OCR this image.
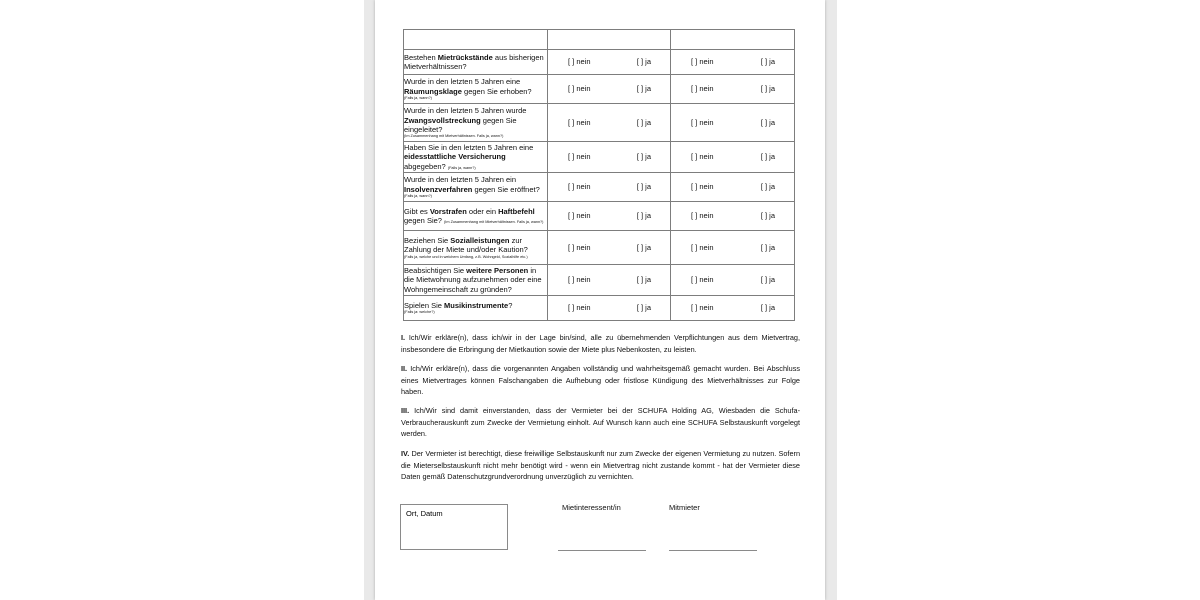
Bestehen Mietrückstände aus bisherigen Mietverhältnissen?	[ ] nein [ ] ja	[ ] nein [ ] ja

Wurde in den letzten 5 Jahren eine Räumungsklage gegen Sie erhoben?
(Falls ja, wann?)	[ ] nein [ ] ja	[ ] nein [ ] ja

Wurde in den letzten 5 Jahren wurde Zwangsvollstreckung gegen Sie eingeleitet?
(Im Zusammenhang mit Mietverhältnissen. Falls ja, wann?)	[ ] nein [ ] ja	[ ] nein [ ] ja

Haben Sie in den letzten 5 Jahren eine eidesstattliche Versicherung abgegeben? (Falls ja, wann?)	[ ] nein [ ] ja	[ ] nein [ ] ja

Wurde in den letzten 5 Jahren ein Insolvenzverfahren gegen Sie eröffnet?
(Falls ja, wann?)	[ ] nein [ ] ja	[ ] nein [ ] ja

Gibt es Vorstrafen oder ein Haftbefehl gegen Sie? (Im Zusammenhang mit Mietverhältnissen. Falls ja, wann?)	[ ] nein [ ] ja	[ ] nein [ ] ja

Beziehen Sie Sozialleistungen zur Zahlung der Miete und/oder Kaution?
(Falls ja, welche und in welchem Umfang, z.B. Wohngeld, Sozialhilfe etc.)	[ ] nein [ ] ja	[ ] nein [ ] ja

Beabsichtigen Sie weitere Personen in die Mietwohnung aufzunehmen oder eine Wohngemeinschaft zu gründen?	[ ] nein [ ] ja	[ ] nein [ ] ja

Spielen Sie Musikinstrumente?
(Falls ja: welche?)	[ ] nein [ ] ja	[ ] nein [ ] ja
I. Ich/Wir erkläre(n), dass ich/wir in der Lage bin/sind, alle zu übernehmenden Verpflichtungen aus dem Mietvertrag, insbesondere die Erbringung der Mietkaution sowie der Miete plus Nebenkosten, zu leisten.
II. Ich/Wir erkläre(n), dass die vorgenannten Angaben vollständig und wahrheitsgemäß gemacht wurden. Bei Abschluss eines Mietvertrages können Falschangaben die Aufhebung oder fristlose Kündigung des Mietverhältnisses zur Folge haben.
III. Ich/Wir sind damit einverstanden, dass der Vermieter bei der SCHUFA Holding AG, Wiesbaden die Schufa-Verbraucherauskunft zum Zwecke der Vermietung einholt. Auf Wunsch kann auch eine SCHUFA Selbstauskunft vorgelegt werden.
IV. Der Vermieter ist berechtigt, diese freiwillige Selbstauskunft nur zum Zwecke der eigenen Vermietung zu nutzen. Sofern die Mieterselbstauskunft nicht mehr benötigt wird - wenn ein Mietvertrag nicht zustande kommt - hat der Vermieter diese Daten gemäß Datenschutzgrundverordnung unverzüglich zu vernichten.
Ort, Datum
Mietinteressent/in	Mitmieter
